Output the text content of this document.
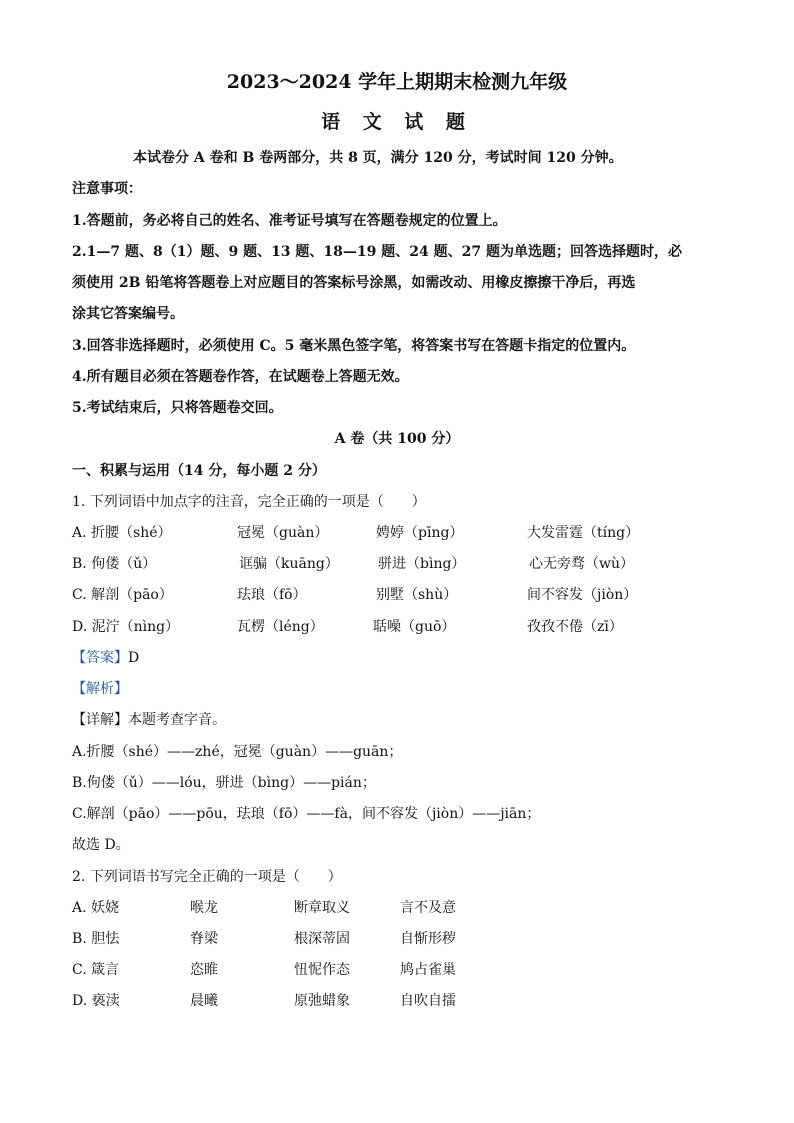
2023～2024 学年上期期末检测九年级
语 文 试 题
本试卷分 A 卷和 B 卷两部分，共 8 页，满分 120 分，考试时间 120 分钟。
注意事项：
1.答题前，务必将自己的姓名、准考证号填写在答题卷规定的位置上。
2.1—7 题、8（1）题、9 题、13 题、18—19 题、24 题、27 题为单选题；回答选择题时，必
须使用 2B 铅笔将答题卷上对应题目的答案标号涂黑，如需改动、用橡皮擦擦干净后，再选
涂其它答案编号。
3.回答非选择题时，必须使用 C。5 毫米黑色签字笔，将答案书写在答题卡指定的位置内。
4.所有题目必须在答题卷作答，在试题卷上答题无效。
5.考试结束后，只将答题卷交回。
A 卷（共 100 分）
一、积累与运用（14 分，每小题 2 分）
1. 下列词语中加点字的注音，完全正确的一项是（　　）
A. 折腰（shé）	冠冕（guàn）	娉婷（pīng）	大发雷霆（tíng）
B. 佝偻（ǔ）	诓骗（kuāng）	骈进（bìng）	心无旁骛（wù）
C. 解剖（pāo）	珐琅（fō）	别墅（shù）	间不容发（jiòn）
D. 泥泞（nìng）	瓦楞（léng）	聒噪（guō）	孜孜不倦（zī）
【答案】D
【解析】
【详解】本题考查字音。
A.折腰（shé）——zhé，冠冕（guàn）——guān；
B.佝偻（ǔ）——lóu，骈进（bìng）——pián；
C.解剖（pāo）——pōu，珐琅（fō）——fà，间不容发（jiòn）——jiān；
故选 D。
2. 下列词语书写完全正确的一项是（　　）
A. 妖娆	喉龙	断章取义	言不及意
B. 胆怯	脊梁	根深蒂固	自惭形秽
C. 箴言	恣睢	忸怩作态	鸠占雀巢
D. 亵渎	晨曦	原弛蜡象	自吹自擂
